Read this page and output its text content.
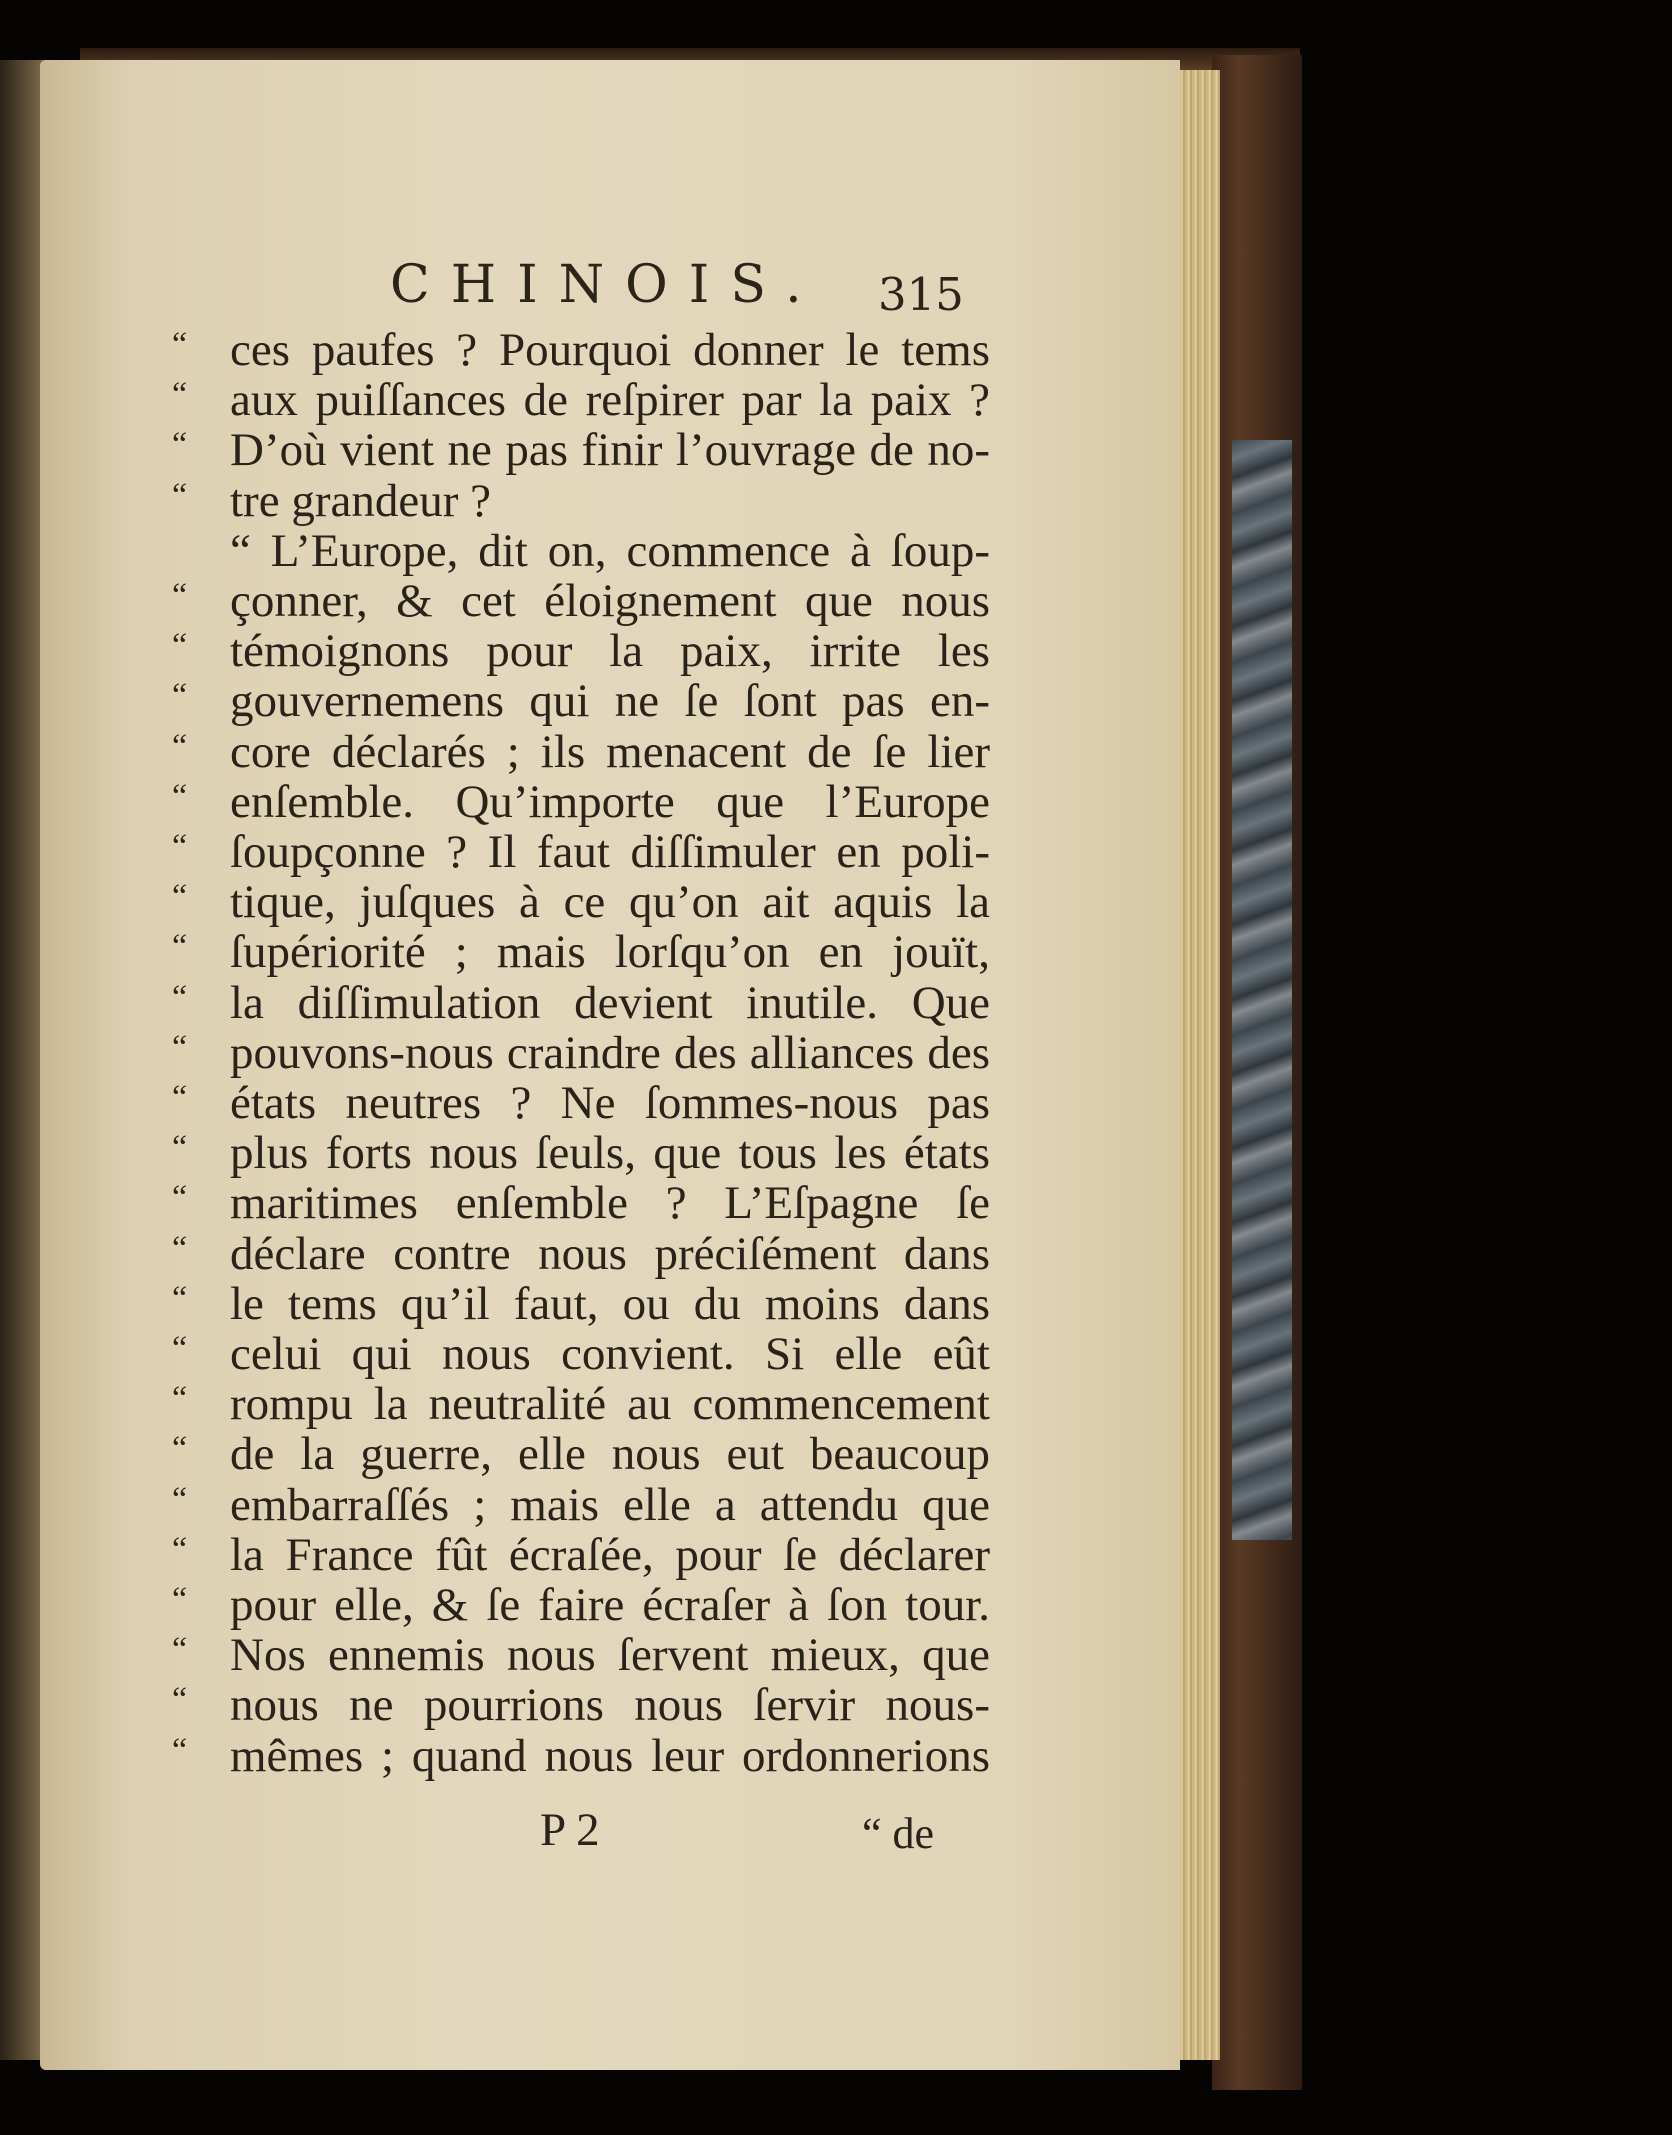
CHINOIS. 315
“ ces paufes ? Pourquoi donner le tems
“ aux puiſſances de reſpirer par la paix ?
“ D’où vient ne pas finir l’ouvrage de no-
“ tre grandeur ?
“ L’Europe, dit on, commence à ſoup-
“ çonner, & cet éloignement que nous
“ témoignons pour la paix, irrite les
“ gouvernemens qui ne ſe ſont pas en-
“ core déclarés ; ils menacent de ſe lier
“ enſemble. Qu’importe que l’Europe
“ ſoupçonne ? Il faut diſſimuler en poli-
“ tique, juſques à ce qu’on ait aquis la
“ ſupériorité ; mais lorſqu’on en jouït,
“ la diſſimulation devient inutile. Que
“ pouvons-nous craindre des alliances des
“ états neutres ? Ne ſommes-nous pas
“ plus forts nous ſeuls, que tous les états
“ maritimes enſemble ? L’Eſpagne ſe
“ déclare contre nous préciſément dans
“ le tems qu’il faut, ou du moins dans
“ celui qui nous convient. Si elle eût
“ rompu la neutralité au commencement
“ de la guerre, elle nous eut beaucoup
“ embarraſſés ; mais elle a attendu que
“ la France fût écraſée, pour ſe déclarer
“ pour elle, & ſe faire écraſer à ſon tour.
“ Nos ennemis nous ſervent mieux, que
“ nous ne pourrions nous ſervir nous-
“ mêmes ; quand nous leur ordonnerions
P 2	“ de
